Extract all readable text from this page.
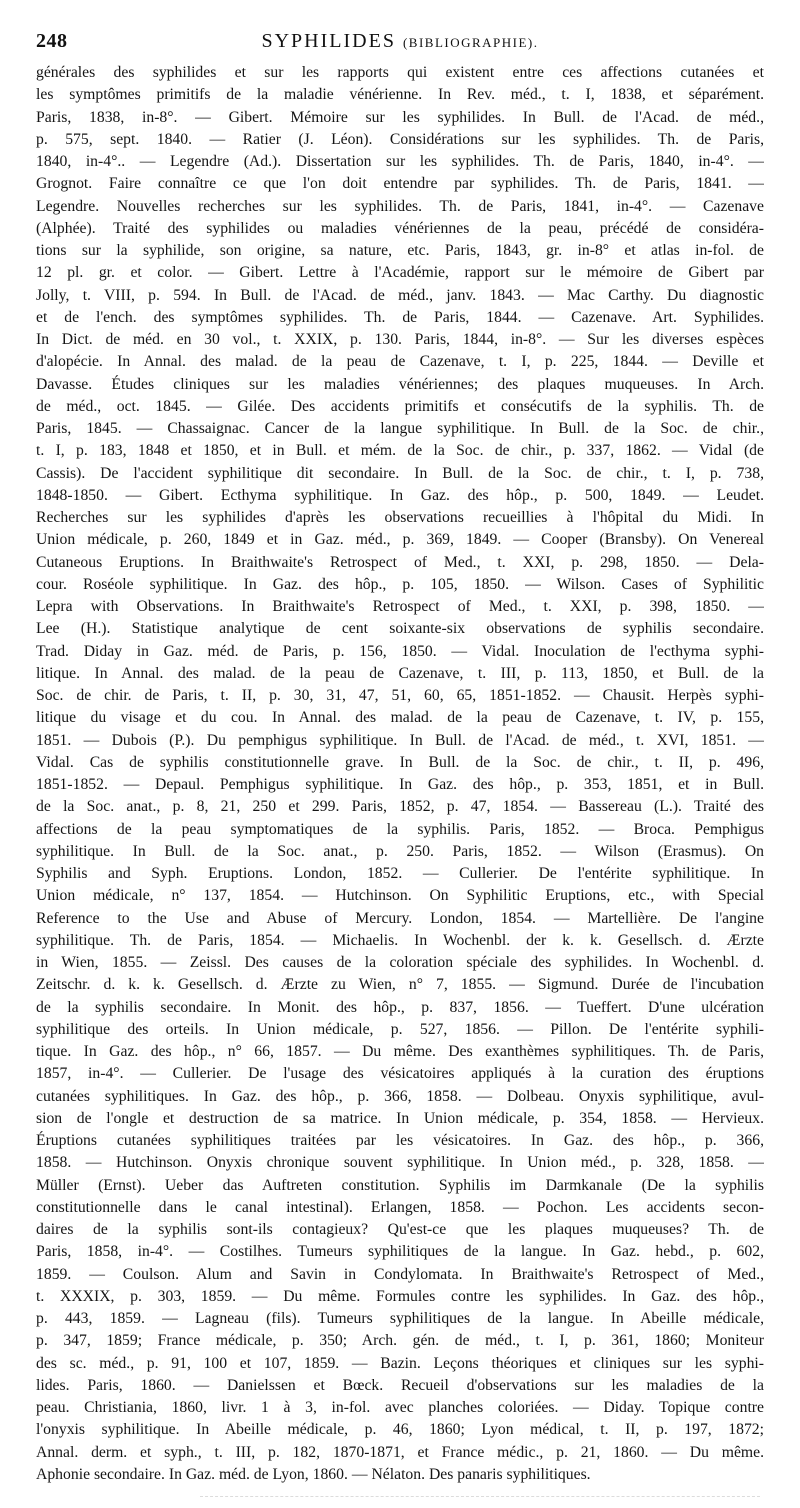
248	SYPHILIDES (BIBLIOGRAPHIE).
générales des syphilides et sur les rapports qui existent entre ces affections cutanées et
les symptômes primitifs de la maladie vénérienne. In Rev. méd., t. I, 1838, et séparément.
Paris, 1838, in-8°. — Gibert. Mémoire sur les syphilides. In Bull. de l'Acad. de méd.,
p. 575, sept. 1840. — Ratier (J. Léon). Considérations sur les syphilides. Th. de Paris,
1840, in-4°.. — Legendre (Ad.). Dissertation sur les syphilides. Th. de Paris, 1840, in-4°. —
Grognot. Faire connaître ce que l'on doit entendre par syphilides. Th. de Paris, 1841. —
Legendre. Nouvelles recherches sur les syphilides. Th. de Paris, 1841, in-4°. — Cazenave
(Alphée). Traité des syphilides ou maladies vénériennes de la peau, précédé de considéra-
tions sur la syphilide, son origine, sa nature, etc. Paris, 1843, gr. in-8° et atlas in-fol. de
12 pl. gr. et color. — Gibert. Lettre à l'Académie, rapport sur le mémoire de Gibert par
Jolly, t. VIII, p. 594. In Bull. de l'Acad. de méd., janv. 1843. — Mac Carthy. Du diagnostic
et de l'ench. des symptômes syphilides. Th. de Paris, 1844. — Cazenave. Art. Syphilides.
In Dict. de méd. en 30 vol., t. XXIX, p. 130. Paris, 1844, in-8°. — Sur les diverses espèces
d'alopécie. In Annal. des malad. de la peau de Cazenave, t. I, p. 225, 1844. — Deville et
Davasse. Études cliniques sur les maladies vénériennes; des plaques muqueuses. In Arch.
de méd., oct. 1845. — Gilée. Des accidents primitifs et consécutifs de la syphilis. Th. de
Paris, 1845. — Chassaignac. Cancer de la langue syphilitique. In Bull. de la Soc. de chir.,
t. I, p. 183, 1848 et 1850, et in Bull. et mém. de la Soc. de chir., p. 337, 1862. — Vidal (de
Cassis). De l'accident syphilitique dit secondaire. In Bull. de la Soc. de chir., t. I, p. 738,
1848-1850. — Gibert. Ecthyma syphilitique. In Gaz. des hôp., p. 500, 1849. — Leudet.
Recherches sur les syphilides d'après les observations recueillies à l'hôpital du Midi. In
Union médicale, p. 260, 1849 et in Gaz. méd., p. 369, 1849. — Cooper (Bransby). On Venereal
Cutaneous Eruptions. In Braithwaite's Retrospect of Med., t. XXI, p. 298, 1850. — Dela-
cour. Roséole syphilitique. In Gaz. des hôp., p. 105, 1850. — Wilson. Cases of Syphilitic
Lepra with Observations. In Braithwaite's Retrospect of Med., t. XXI, p. 398, 1850. —
Lee (H.). Statistique analytique de cent soixante-six observations de syphilis secondaire.
Trad. Diday in Gaz. méd. de Paris, p. 156, 1850. — Vidal. Inoculation de l'ecthyma syphi-
litique. In Annal. des malad. de la peau de Cazenave, t. III, p. 113, 1850, et Bull. de la
Soc. de chir. de Paris, t. II, p. 30, 31, 47, 51, 60, 65, 1851-1852. — Chausit. Herpès syphi-
litique du visage et du cou. In Annal. des malad. de la peau de Cazenave, t. IV, p. 155,
1851. — Dubois (P.). Du pemphigus syphilitique. In Bull. de l'Acad. de méd., t. XVI, 1851. —
Vidal. Cas de syphilis constitutionnelle grave. In Bull. de la Soc. de chir., t. II, p. 496,
1851-1852. — Depaul. Pemphigus syphilitique. In Gaz. des hôp., p. 353, 1851, et in Bull.
de la Soc. anat., p. 8, 21, 250 et 299. Paris, 1852, p. 47, 1854. — Bassereau (L.). Traité des
affections de la peau symptomatiques de la syphilis. Paris, 1852. — Broca. Pemphigus
syphilitique. In Bull. de la Soc. anat., p. 250. Paris, 1852. — Wilson (Erasmus). On
Syphilis and Syph. Eruptions. London, 1852. — Cullerier. De l'entérite syphilitique. In
Union médicale, n° 137, 1854. — Hutchinson. On Syphilitic Eruptions, etc., with Special
Reference to the Use and Abuse of Mercury. London, 1854. — Martellière. De l'angine
syphilitique. Th. de Paris, 1854. — Michaelis. In Wochenbl. der k. k. Gesellsch. d. Ærzte
in Wien, 1855. — Zeissl. Des causes de la coloration spéciale des syphilides. In Wochenbl. d.
Zeitschr. d. k. k. Gesellsch. d. Ærzte zu Wien, n° 7, 1855. — Sigmund. Durée de l'incubation
de la syphilis secondaire. In Monit. des hôp., p. 837, 1856. — Tueffert. D'une ulcération
syphilitique des orteils. In Union médicale, p. 527, 1856. — Pillon. De l'entérite syphili-
tique. In Gaz. des hôp., n° 66, 1857. — Du même. Des exanthèmes syphilitiques. Th. de Paris,
1857, in-4°. — Cullerier. De l'usage des vésicatoires appliqués à la curation des éruptions
cutanées syphilitiques. In Gaz. des hôp., p. 366, 1858. — Dolbeau. Onyxis syphilitique, avul-
sion de l'ongle et destruction de sa matrice. In Union médicale, p. 354, 1858. — Hervieux.
Éruptions cutanées syphilitiques traitées par les vésicatoires. In Gaz. des hôp., p. 366,
1858. — Hutchinson. Onyxis chronique souvent syphilitique. In Union méd., p. 328, 1858. —
Müller (Ernst). Ueber das Auftreten constitution. Syphilis im Darmkanale (De la syphilis
constitutionnelle dans le canal intestinal). Erlangen, 1858. — Pochon. Les accidents secon-
daires de la syphilis sont-ils contagieux? Qu'est-ce que les plaques muqueuses? Th. de
Paris, 1858, in-4°. — Costilhes. Tumeurs syphilitiques de la langue. In Gaz. hebd., p. 602,
1859. — Coulson. Alum and Savin in Condylomata. In Braithwaite's Retrospect of Med.,
t. XXXIX, p. 303, 1859. — Du même. Formules contre les syphilides. In Gaz. des hôp.,
p. 443, 1859. — Lagneau (fils). Tumeurs syphilitiques de la langue. In Abeille médicale,
p. 347, 1859; France médicale, p. 350; Arch. gén. de méd., t. I, p. 361, 1860; Moniteur
des sc. méd., p. 91, 100 et 107, 1859. — Bazin. Leçons théoriques et cliniques sur les syphi-
lides. Paris, 1860. — Danielssen et Bœck. Recueil d'observations sur les maladies de la
peau. Christiania, 1860, livr. 1 à 3, in-fol. avec planches coloriées. — Diday. Topique contre
l'onyxis syphilitique. In Abeille médicale, p. 46, 1860; Lyon médical, t. II, p. 197, 1872;
Annal. derm. et syph., t. III, p. 182, 1870-1871, et France médic., p. 21, 1860. — Du même.
Aphonie secondaire. In Gaz. méd. de Lyon, 1860. — Nélaton. Des panaris syphilitiques.
